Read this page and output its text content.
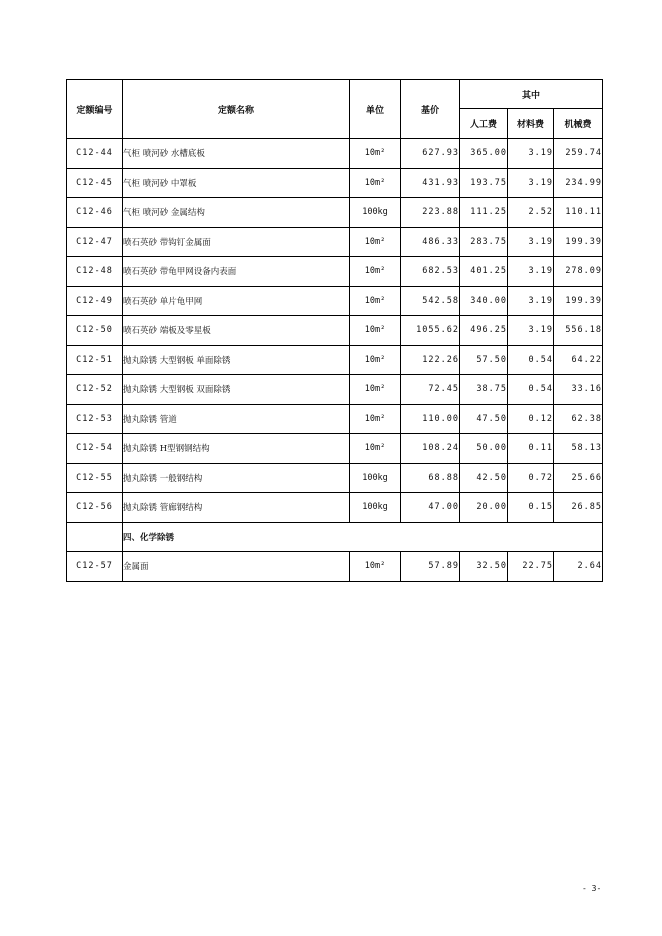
定额编号	定额名称	单位	基价	其中		
				人工费	材料费	机械费
C12-44	气柜 喷河砂 水槽底板	10m²	627.93	365.00	3.19	259.74
C12-45	气柜 喷河砂 中罩板	10m²	431.93	193.75	3.19	234.99
C12-46	气柜 喷河砂 金属结构	100kg	223.88	111.25	2.52	110.11
C12-47	喷石英砂 带钩钉金属面	10m²	486.33	283.75	3.19	199.39
C12-48	喷石英砂 带龟甲网设备内表面	10m²	682.53	401.25	3.19	278.09
C12-49	喷石英砂 单片龟甲网	10m²	542.58	340.00	3.19	199.39
C12-50	喷石英砂 端板及零星板	10m²	1055.62	496.25	3.19	556.18
C12-51	抛丸除锈 大型钢板 单面除锈	10m²	122.26	57.50	0.54	64.22
C12-52	抛丸除锈 大型钢板 双面除锈	10m²	72.45	38.75	0.54	33.16
C12-53	抛丸除锈 管道	10m²	110.00	47.50	0.12	62.38
C12-54	抛丸除锈 H型钢钢结构	10m²	108.24	50.00	0.11	58.13
C12-55	抛丸除锈 一般钢结构	100kg	68.88	42.50	0.72	25.66
C12-56	抛丸除锈 管廊钢结构	100kg	47.00	20.00	0.15	26.85
	四、化学除锈					
C12-57	金属面	10m²	57.89	32.50	22.75	2.64
- 3-
